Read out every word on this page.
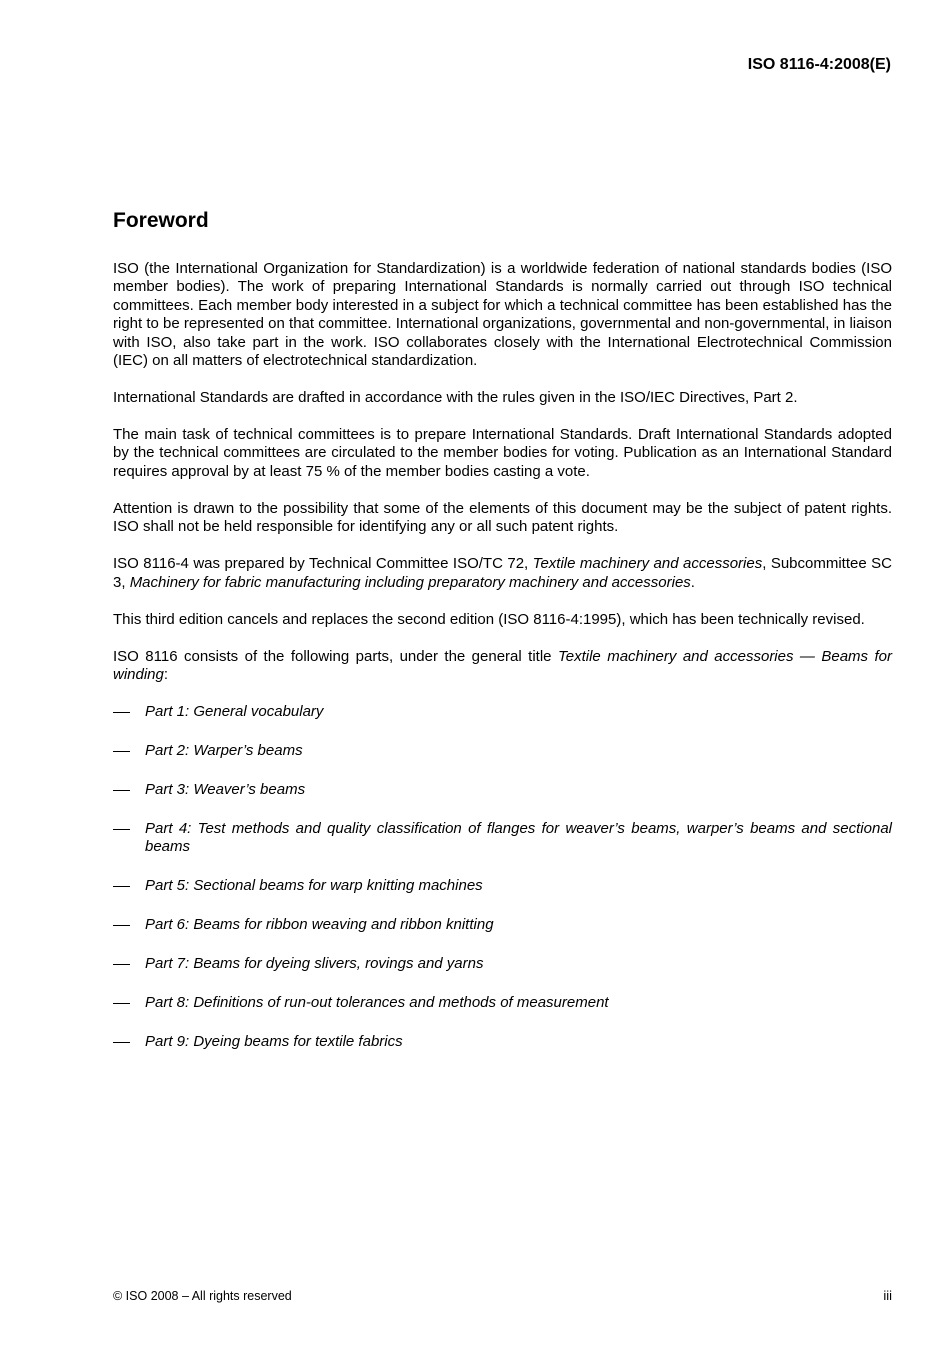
ISO 8116-4:2008(E)

Foreword

ISO (the International Organization for Standardization) is a worldwide federation of national standards bodies (ISO member bodies). The work of preparing International Standards is normally carried out through ISO technical committees. Each member body interested in a subject for which a technical committee has been established has the right to be represented on that committee. International organizations, governmental and non-governmental, in liaison with ISO, also take part in the work. ISO collaborates closely with the International Electrotechnical Commission (IEC) on all matters of electrotechnical standardization.

International Standards are drafted in accordance with the rules given in the ISO/IEC Directives, Part 2.

The main task of technical committees is to prepare International Standards. Draft International Standards adopted by the technical committees are circulated to the member bodies for voting. Publication as an International Standard requires approval by at least 75 % of the member bodies casting a vote.

Attention is drawn to the possibility that some of the elements of this document may be the subject of patent rights. ISO shall not be held responsible for identifying any or all such patent rights.

ISO 8116-4 was prepared by Technical Committee ISO/TC 72, Textile machinery and accessories, Subcommittee SC 3, Machinery for fabric manufacturing including preparatory machinery and accessories.

This third edition cancels and replaces the second edition (ISO 8116-4:1995), which has been technically revised.

ISO 8116 consists of the following parts, under the general title Textile machinery and accessories — Beams for winding:

Part 1: General vocabulary
Part 2: Warper’s beams
Part 3: Weaver’s beams
Part 4: Test methods and quality classification of flanges for weaver’s beams, warper’s beams and sectional beams
Part 5: Sectional beams for warp knitting machines
Part 6: Beams for ribbon weaving and ribbon knitting
Part 7: Beams for dyeing slivers, rovings and yarns
Part 8: Definitions of run-out tolerances and methods of measurement
Part 9: Dyeing beams for textile fabrics

© ISO 2008 – All rights reserved	iii
